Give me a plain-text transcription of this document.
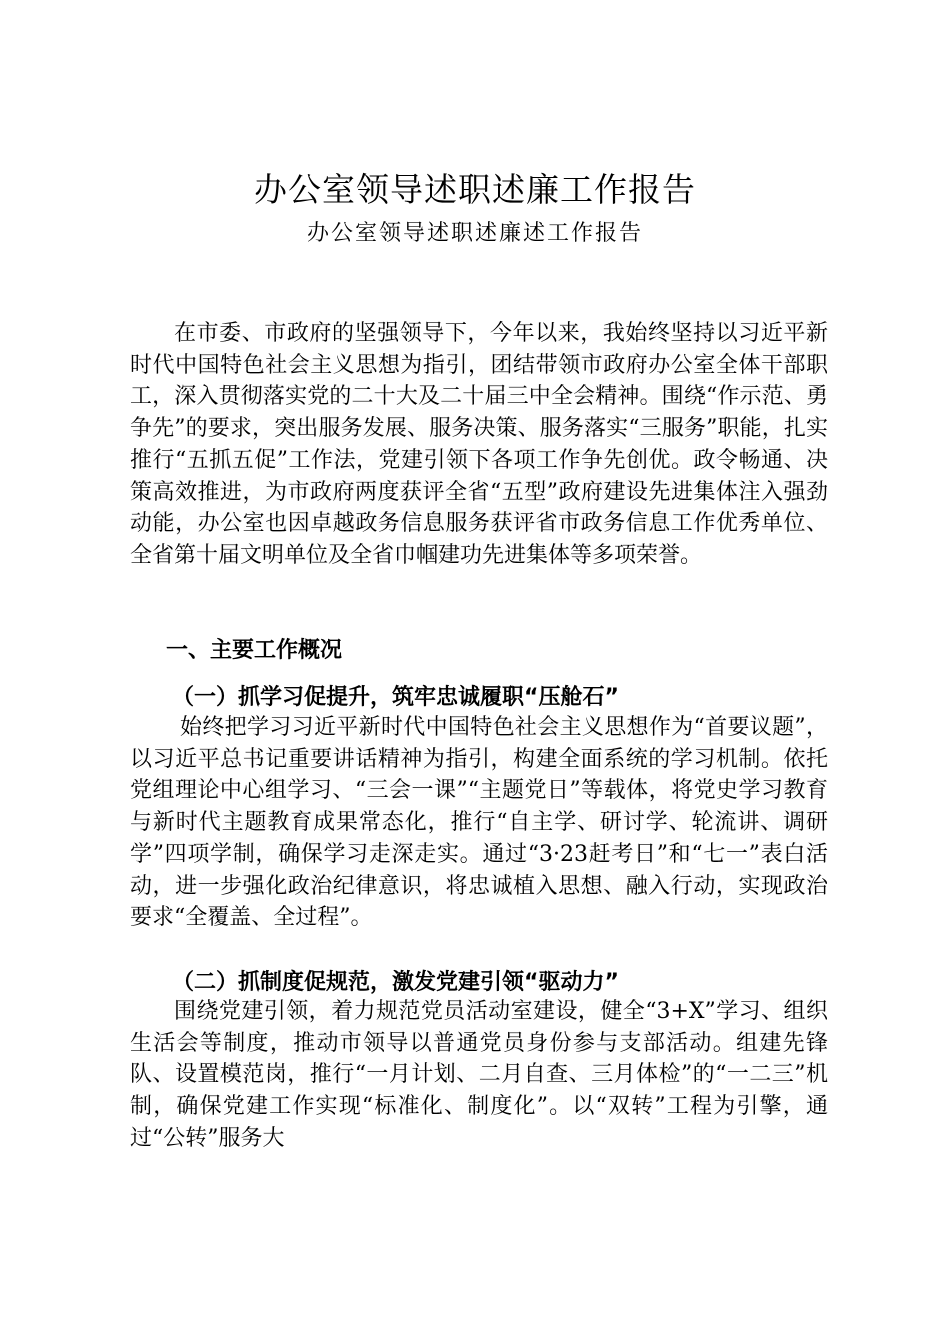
办公室领导述职述廉工作报告
办公室领导述职述廉述工作报告

在市委、市政府的坚强领导下，今年以来，我始终坚持以习近平新时代中国特色社会主义思想为指引，团结带领市政府办公室全体干部职工，深入贯彻落实党的二十大及二十届三中全会精神。围绕“作示范、勇争先”的要求，突出服务发展、服务决策、服务落实“三服务”职能，扎实推行“五抓五促”工作法，党建引领下各项工作争先创优。政令畅通、决策高效推进，为市政府两度获评全省“五型”政府建设先进集体注入强劲动能，办公室也因卓越政务信息服务获评省市政务信息工作优秀单位、全省第十届文明单位及全省巾帼建功先进集体等多项荣誉。

一、主要工作概况
（一）抓学习促提升，筑牢忠诚履职“压舱石”

始终把学习习近平新时代中国特色社会主义思想作为“首要议题”，以习近平总书记重要讲话精神为指引，构建全面系统的学习机制。依托党组理论中心组学习、“三会一课”“主题党日”等载体，将党史学习教育与新时代主题教育成果常态化，推行“自主学、研讨学、轮流讲、调研学”四项学制，确保学习走深走实。通过“3·23赶考日”和“七一”表白活动，进一步强化政治纪律意识，将忠诚植入思想、融入行动，实现政治要求“全覆盖、全过程”。

（二）抓制度促规范，激发党建引领“驱动力”

围绕党建引领，着力规范党员活动室建设，健全“3+X”学习、组织生活会等制度，推动市领导以普通党员身份参与支部活动。组建先锋队、设置模范岗，推行“一月计划、二月自查、三月体检”的“一二三”机制，确保党建工作实现“标准化、制度化”。以“双转”工程为引擎，通过“公转”服务大
